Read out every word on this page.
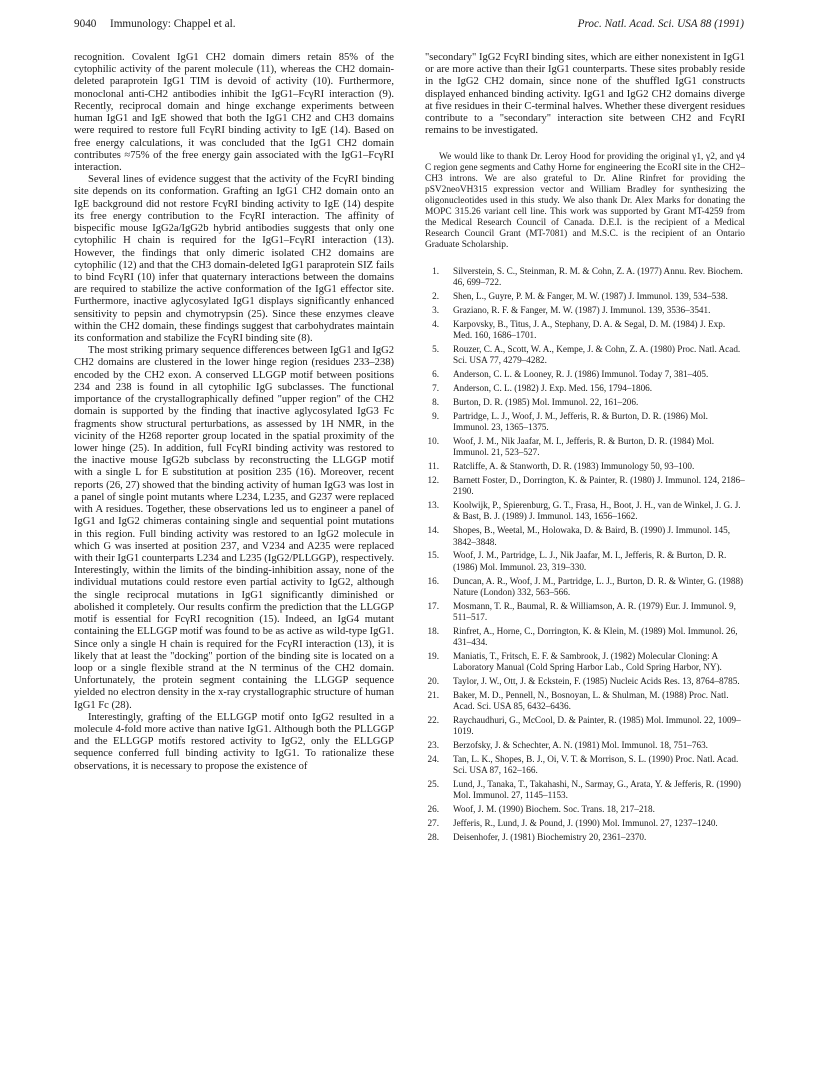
9040 Immunology: Chappel et al.	Proc. Natl. Acad. Sci. USA 88 (1991)

recognition. Covalent IgG1 CH2 domain dimers retain 85% of the cytophilic activity of the parent molecule (11), whereas the CH2 domain-deleted paraprotein IgG1 TIM is devoid of activity (10). Furthermore, monoclonal anti-CH2 antibodies inhibit the IgG1–FcγRI interaction (9). Recently, reciprocal domain and hinge exchange experiments between human IgG1 and IgE showed that both the IgG1 CH2 and CH3 domains were required to restore full FcγRI binding activity to IgE (14). Based on free energy calculations, it was concluded that the IgG1 CH2 domain contributes ≈75% of the free energy gain associated with the IgG1–FcγRI interaction.

Several lines of evidence suggest that the activity of the FcγRI binding site depends on its conformation. Grafting an IgG1 CH2 domain onto an IgE background did not restore FcγRI binding activity to IgE (14) despite its free energy contribution to the FcγRI interaction. The affinity of bispecific mouse IgG2a/IgG2b hybrid antibodies suggests that only one cytophilic H chain is required for the IgG1–FcγRI interaction (13). However, the findings that only dimeric isolated CH2 domains are cytophilic (12) and that the CH3 domain-deleted IgG1 paraprotein SIZ fails to bind FcγRI (10) infer that quaternary interactions between the domains are required to stabilize the active conformation of the IgG1 effector site. Furthermore, inactive aglycosylated IgG1 displays significantly enhanced sensitivity to pepsin and chymotrypsin (25). Since these enzymes cleave within the CH2 domain, these findings suggest that carbohydrates maintain its conformation and stabilize the FcγRI binding site (8).

The most striking primary sequence differences between IgG1 and IgG2 CH2 domains are clustered in the lower hinge region (residues 233–238) encoded by the CH2 exon. A conserved LLGGP motif between positions 234 and 238 is found in all cytophilic IgG subclasses. The functional importance of the crystallographically defined "upper region" of the CH2 domain is supported by the finding that inactive aglycosylated IgG3 Fc fragments show structural perturbations, as assessed by 1H NMR, in the vicinity of the H268 reporter group located in the spatial proximity of the lower hinge (25). In addition, full FcγRI binding activity was restored to the inactive mouse IgG2b subclass by reconstructing the LLGGP motif with a single L for E substitution at position 235 (16). Moreover, recent reports (26, 27) showed that the binding activity of human IgG3 was lost in a panel of single point mutants where L234, L235, and G237 were replaced with A residues. Together, these observations led us to engineer a panel of IgG1 and IgG2 chimeras containing single and sequential point mutations in this region. Full binding activity was restored to an IgG2 molecule in which G was inserted at position 237, and V234 and A235 were replaced with their IgG1 counterparts L234 and L235 (IgG2/PLLGGP), respectively. Interestingly, within the limits of the binding-inhibition assay, none of the individual mutations could restore even partial activity to IgG2, although the single reciprocal mutations in IgG1 significantly diminished or abolished it completely. Our results confirm the prediction that the LLGGP motif is essential for FcγRI recognition (15). Indeed, an IgG4 mutant containing the ELLGGP motif was found to be as active as wild-type IgG1. Since only a single H chain is required for the FcγRI interaction (13), it is likely that at least the "docking" portion of the binding site is located on a loop or a single flexible strand at the N terminus of the CH2 domain. Unfortunately, the protein segment containing the LLGGP sequence yielded no electron density in the x-ray crystallographic structure of human IgG1 Fc (28).

Interestingly, grafting of the ELLGGP motif onto IgG2 resulted in a molecule 4-fold more active than native IgG1. Although both the PLLGGP and the ELLGGP motifs restored activity to IgG2, only the ELLGGP sequence conferred full binding activity to IgG1. To rationalize these observations, it is necessary to propose the existence of

"secondary" IgG2 FcγRI binding sites, which are either nonexistent in IgG1 or are more active than their IgG1 counterparts. These sites probably reside in the IgG2 CH2 domain, since none of the shuffled IgG1 constructs displayed enhanced binding activity. IgG1 and IgG2 CH2 domains diverge at five residues in their C-terminal halves. Whether these divergent residues contribute to a "secondary" interaction site between CH2 and FcγRI remains to be investigated.

We would like to thank Dr. Leroy Hood for providing the original γ1, γ2, and γ4 C region gene segments and Cathy Horne for engineering the EcoRI site in the CH2–CH3 introns. We are also grateful to Dr. Aline Rinfret for providing the pSV2neoVH315 expression vector and William Bradley for synthesizing the oligonucleotides used in this study. We also thank Dr. Alex Marks for donating the MOPC 315.26 variant cell line. This work was supported by Grant MT-4259 from the Medical Research Council of Canada. D.E.I. is the recipient of a Medical Research Council Grant (MT-7081) and M.S.C. is the recipient of an Ontario Graduate Scholarship.

1. Silverstein, S. C., Steinman, R. M. & Cohn, Z. A. (1977) Annu. Rev. Biochem. 46, 699–722.
2. Shen, L., Guyre, P. M. & Fanger, M. W. (1987) J. Immunol. 139, 534–538.
3. Graziano, R. F. & Fanger, M. W. (1987) J. Immunol. 139, 3536–3541.
4. Karpovsky, B., Titus, J. A., Stephany, D. A. & Segal, D. M. (1984) J. Exp. Med. 160, 1686–1701.
5. Rouzer, C. A., Scott, W. A., Kempe, J. & Cohn, Z. A. (1980) Proc. Natl. Acad. Sci. USA 77, 4279–4282.
6. Anderson, C. L. & Looney, R. J. (1986) Immunol. Today 7, 381–405.
7. Anderson, C. L. (1982) J. Exp. Med. 156, 1794–1806.
8. Burton, D. R. (1985) Mol. Immunol. 22, 161–206.
9. Partridge, L. J., Woof, J. M., Jefferis, R. & Burton, D. R. (1986) Mol. Immunol. 23, 1365–1375.
10. Woof, J. M., Nik Jaafar, M. I., Jefferis, R. & Burton, D. R. (1984) Mol. Immunol. 21, 523–527.
11. Ratcliffe, A. & Stanworth, D. R. (1983) Immunology 50, 93–100.
12. Barnett Foster, D., Dorrington, K. & Painter, R. (1980) J. Immunol. 124, 2186–2190.
13. Koolwijk, P., Spierenburg, G. T., Frasa, H., Boot, J. H., van de Winkel, J. G. J. & Bast, B. J. (1989) J. Immunol. 143, 1656–1662.
14. Shopes, B., Weetal, M., Holowaka, D. & Baird, B. (1990) J. Immunol. 145, 3842–3848.
15. Woof, J. M., Partridge, L. J., Nik Jaafar, M. I., Jefferis, R. & Burton, D. R. (1986) Mol. Immunol. 23, 319–330.
16. Duncan, A. R., Woof, J. M., Partridge, L. J., Burton, D. R. & Winter, G. (1988) Nature (London) 332, 563–566.
17. Mosmann, T. R., Baumal, R. & Williamson, A. R. (1979) Eur. J. Immunol. 9, 511–517.
18. Rinfret, A., Horne, C., Dorrington, K. & Klein, M. (1989) Mol. Immunol. 26, 431–434.
19. Maniatis, T., Fritsch, E. F. & Sambrook, J. (1982) Molecular Cloning: A Laboratory Manual (Cold Spring Harbor Lab., Cold Spring Harbor, NY).
20. Taylor, J. W., Ott, J. & Eckstein, F. (1985) Nucleic Acids Res. 13, 8764–8785.
21. Baker, M. D., Pennell, N., Bosnoyan, L. & Shulman, M. (1988) Proc. Natl. Acad. Sci. USA 85, 6432–6436.
22. Raychaudhuri, G., McCool, D. & Painter, R. (1985) Mol. Immunol. 22, 1009–1019.
23. Berzofsky, J. & Schechter, A. N. (1981) Mol. Immunol. 18, 751–763.
24. Tan, L. K., Shopes, B. J., Oi, V. T. & Morrison, S. L. (1990) Proc. Natl. Acad. Sci. USA 87, 162–166.
25. Lund, J., Tanaka, T., Takahashi, N., Sarmay, G., Arata, Y. & Jefferis, R. (1990) Mol. Immunol. 27, 1145–1153.
26. Woof, J. M. (1990) Biochem. Soc. Trans. 18, 217–218.
27. Jefferis, R., Lund, J. & Pound, J. (1990) Mol. Immunol. 27, 1237–1240.
28. Deisenhofer, J. (1981) Biochemistry 20, 2361–2370.
